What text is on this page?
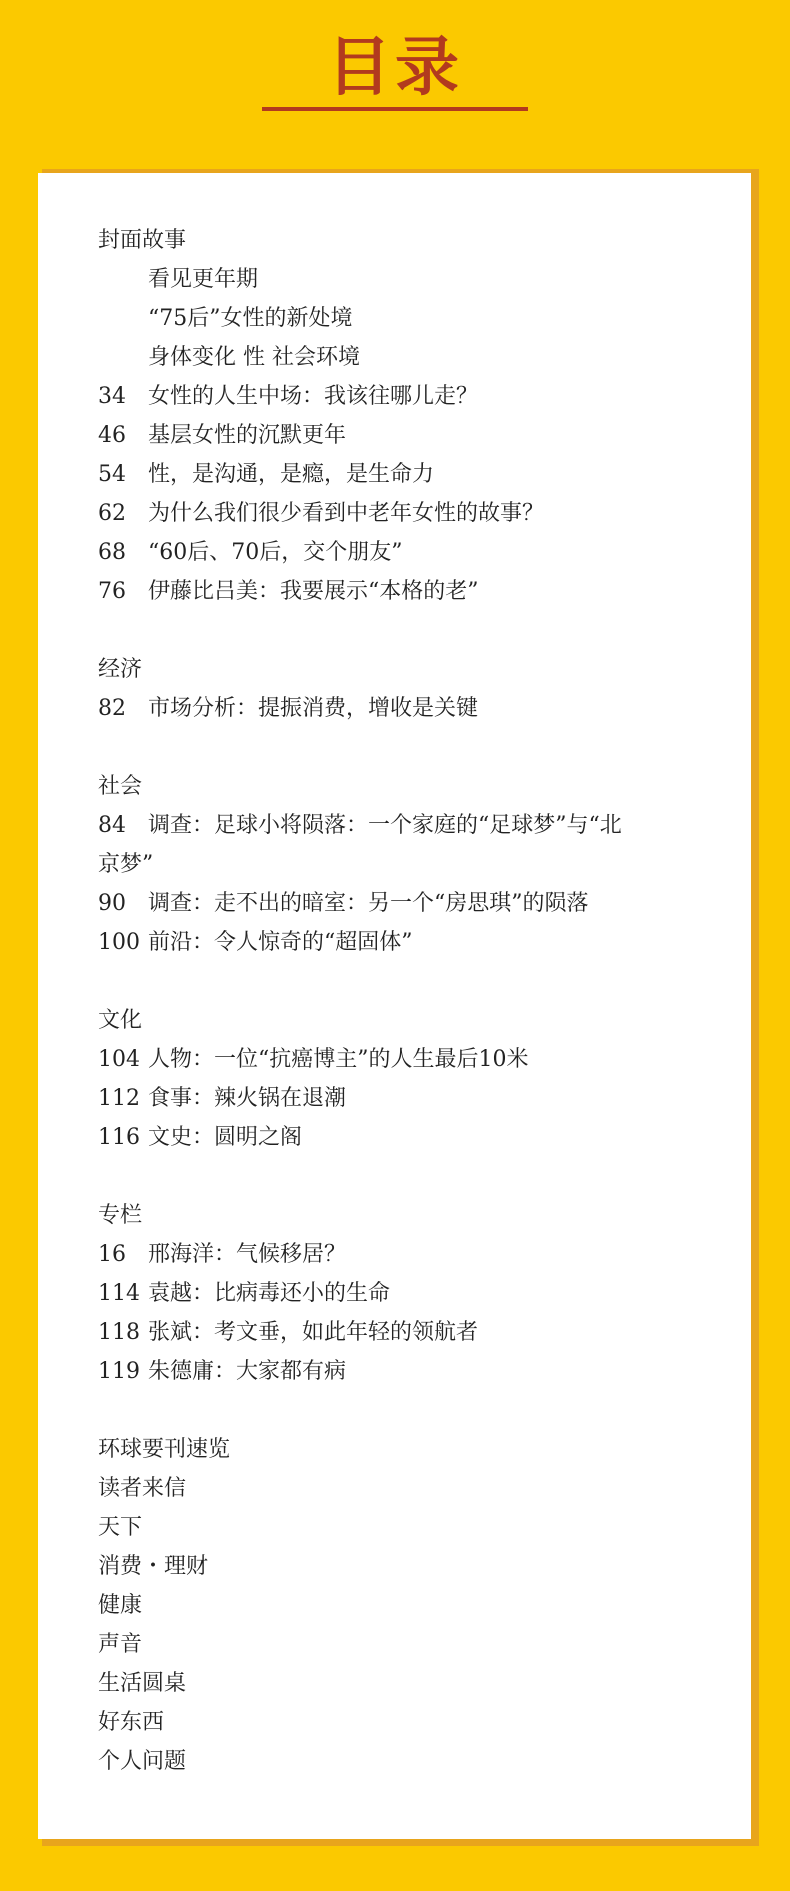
目录
封面故事
看见更年期
“75后”女性的新处境
身体变化 性 社会环境
34	女性的人生中场：我该往哪儿走？
46	基层女性的沉默更年
54	性，是沟通，是瘾，是生命力
62	为什么我们很少看到中老年女性的故事？
68	“60后、70后，交个朋友”
76	伊藤比吕美：我要展示“本格的老”
经济
82	市场分析：提振消费，增收是关键
社会
84	调查：足球小将陨落：一个家庭的“足球梦”与“北
京梦”
90	调查：走不出的暗室：另一个“房思琪”的陨落
100 前沿：令人惊奇的“超固体”
文化
104 人物：一位“抗癌博主”的人生最后10米
112 食事：辣火锅在退潮
116 文史：圆明之阁
专栏
16	邢海洋：气候移居？
114 袁越：比病毒还小的生命
118 张斌：考文垂，如此年轻的领航者
119 朱德庸：大家都有病
环球要刊速览
读者来信
天下
消费・理财
健康
声音
生活圆桌
好东西
个人问题
